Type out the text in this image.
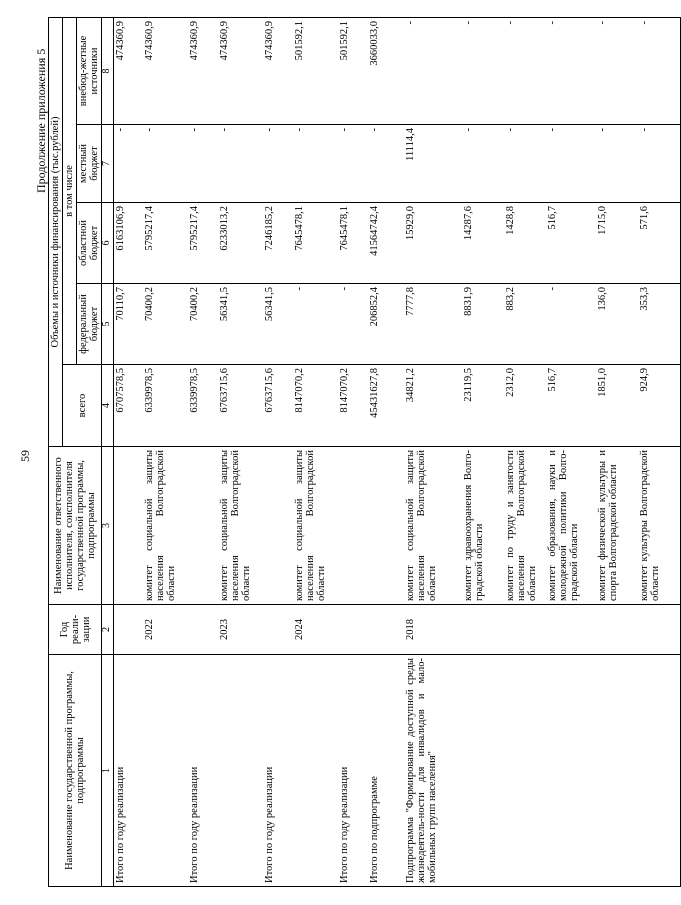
59
Продолжение приложения 5
Наименование государственной программы, подпрограммы	Год реали-зации	Наименование ответственного исполнителя, соисполнителя государственной программы, подпрограммы	Объемы и источники финансирования (тыс.рублей)				
			всего	в том числе			
				федеральный бюджет	областной бюджет	местный бюджет	внебюд-жетные источники
1	2	3	4	5	6	7	8
Итого по году реализации			6707578,5	70110,7	6163106,9	-	474360,9
	2022	комитет социальной защиты населения Волгоградской области	6339978,5	70400,2	5795217,4	-	474360,9
Итого по году реализации			6339978,5	70400,2	5795217,4	-	474360,9
	2023	комитет социальной защиты населения Волгоградской области	6763715,6	56341,5	6233013,2	-	474360,9
Итого по году реализации			6763715,6	56341,5	7246185,2	-	474360,9
	2024	комитет социальной защиты населения Волгоградской области	8147070,2	-	7645478,1	-	501592,1
Итого по году реализации			8147070,2	-	7645478,1	-	501592,1
Итого по подпрограмме			45431627,8	206852,4	41564742,4	-	3660033,0
Подпрограмма "Формирование доступной среды жизнедеятель-ности для инвалидов и мало-мобильных групп населения"	2018	комитет социальной защиты населения Волгоградской области	34821,2	7777,8	15929,0	11114,4	-
		комитет здравоохранения Волго-градской области	23119,5	8831,9	14287,6	-	-
		комитет по труду и занятости населения Волгоградской области	2312,0	883,2	1428,8	-	-
		комитет образования, науки и молодежной политики Волго-градской области	516,7	-	516,7	-	-
		комитет физической культуры и спорта Волгоградской области	1851,0	136,0	1715,0	-	-
		комитет культуры Волгоградской области	924,9	353,3	571,6	-	-
